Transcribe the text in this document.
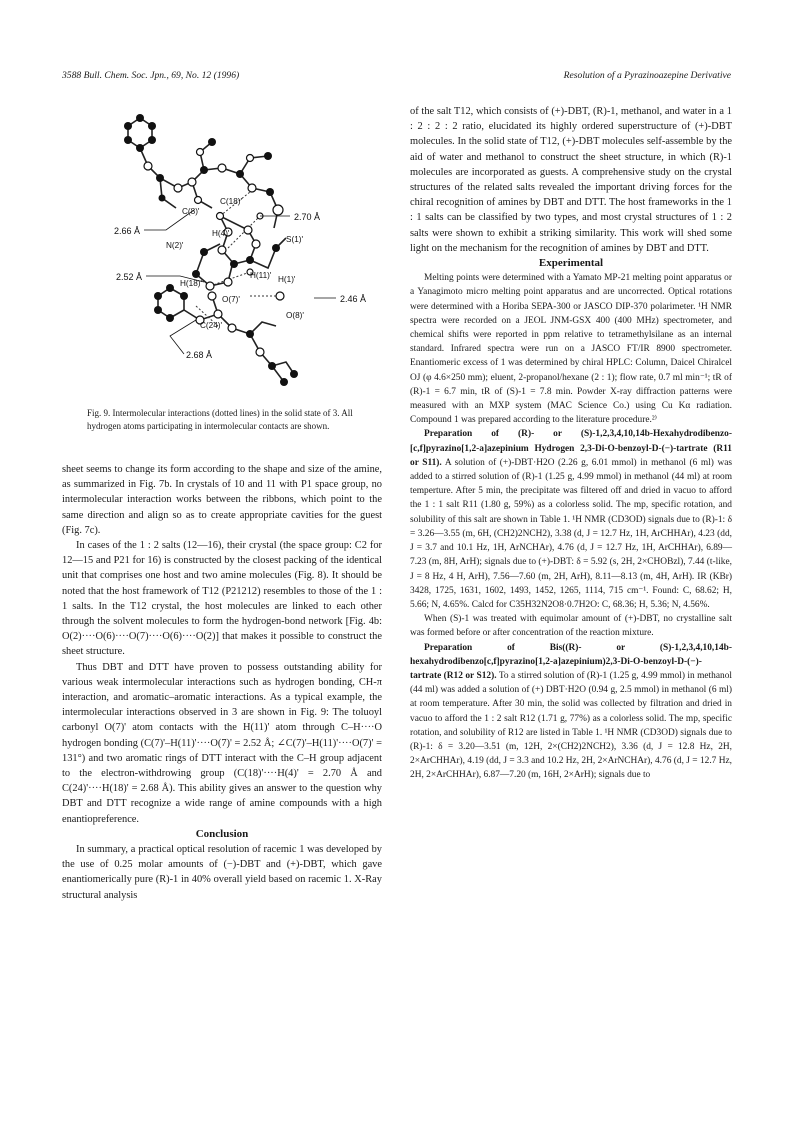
3588 Bull. Chem. Soc. Jpn., 69, No. 12 (1996)	Resolution of a Pyrazinoazepine Derivative
C(8)'
C(18)'
H(4)'
S(1)'
N(2)'
H(11)' H(1)'
H(18)'
O(7)'
O(8)'
C(24)'
2.66 Å
2.70 Å
2.52 Å
2.46 Å
2.68 Å
Fig. 9. Intermolecular interactions (dotted lines) in the solid state of 3. All hydrogen atoms participating in intermolecular contacts are shown.

sheet seems to change its form according to the shape and size of the amine, as summarized in Fig. 7b. In crystals of 10 and 11 with P1 space group, no intermolecular interaction works between the ribbons, which point to the same direction and align so as to create appropriate cavities for the guest (Fig. 7c).

In cases of the 1 : 2 salts (12—16), their crystal (the space group: C2 for 12—15 and P21 for 16) is constructed by the closest packing of the identical unit that comprises one host and two amine molecules (Fig. 8). It should be noted that the host framework of T12 (P21212) resembles to those of the 1 : 1 salts. In the T12 crystal, the host molecules are linked to each other through the solvent molecules to form the hydrogen-bond network [Fig. 4b: O(2)····O(6)····O(7)····O(6)····O(2)] that makes it possible to construct the sheet structure.

Thus DBT and DTT have proven to possess outstanding ability for various weak intermolecular interactions such as hydrogen bonding, CH-π interaction, and aromatic–aromatic interactions. As a typical example, the intermolecular interactions observed in 3 are shown in Fig. 9: The toluoyl carbonyl O(7)' atom contacts with the H(11)' atom through C–H····O hydrogen bonding (C(7)'–H(11)'····O(7)' = 2.52 Å; ∠C(7)'–H(11)'····O(7)' = 131°) and two aromatic rings of DTT interact with the C–H group adjacent to the electron-withdrowing group (C(18)'····H(4)' = 2.70 Å and C(24)'····H(18)' = 2.68 Å). This ability gives an answer to the question why DBT and DTT recognize a wide range of amine compounds with a high enantiopreference.

Conclusion

In summary, a practical optical resolution of racemic 1 was developed by the use of 0.25 molar amounts of (−)-DBT and (+)-DBT, which gave enantiomerically pure (R)-1 in 40% overall yield based on racemic 1. X-Ray structural analysis

of the salt T12, which consists of (+)-DBT, (R)-1, methanol, and water in a 1 : 2 : 2 : 2 ratio, elucidated its highly ordered superstructure of (+)-DBT molecules. In the solid state of T12, (+)-DBT molecules self-assemble by the aid of water and methanol to construct the sheet structure, in which (R)-1 molecules are incorporated as guests. A comprehensive study on the crystal structures of the related salts revealed the important driving forces for the chiral recognition of amines by DBT and DTT. The host frameworks in the 1 : 1 salts can be classified by two types, and most crystal structures of 1 : 2 salts were shown to exhibit a striking similarity. This work will shed some light on the mechanism for the recognition of amines by DBT and DTT.

Experimental

Melting points were determined with a Yamato MP-21 melting point apparatus or a Yanagimoto micro melting point apparatus and are uncorrected. Optical rotations were determined with a Horiba SEPA-300 or JASCO DIP-370 polarimeter. ¹H NMR spectra were recorded on a JEOL JNM-GSX 400 (400 MHz) spectrometer, and chemical shifts were reported in ppm relative to tetramethylsilane as an internal standard. Infrared spectra were run on a JASCO FT/IR 8900 spectrometer. Enantiomeric excess of 1 was determined by chiral HPLC: Column, Daicel Chiralcel OJ (φ 4.6×250 mm); eluent, 2-propanol/hexane (2 : 1); flow rate, 0.7 ml min⁻¹; tR of (R)-1 = 6.7 min, tR of (S)-1 = 7.8 min. Powder X-ray diffraction patterns were measured with an MXP system (MAC Science Co.) using Cu Kα radiation. Compound 1 was prepared according to the literature procedure.²⁾

Preparation of (R)- or (S)-1,2,3,4,10,14b-Hexahydrodibenzo-[c,f]pyrazino[1,2-a]azepinium Hydrogen 2,3-Di-O-benzoyl-D-(−)-tartrate (R11 or S11). A solution of (+)-DBT·H2O (2.26 g, 6.01 mmol) in methanol (6 ml) was added to a stirred solution of (R)-1 (1.25 g, 4.99 mmol) in methanol (44 ml) at room temperture. After 5 min, the precipitate was filtered off and dried in vacuo to afford the 1 : 1 salt R11 (1.80 g, 59%) as a colorless solid. The mp, specific rotation, and solubility of this salt are shown in Table 1. ¹H NMR (CD3OD) signals due to (R)-1: δ = 3.26—3.55 (m, 6H, (CH2)2NCH2), 3.38 (d, J = 12.7 Hz, 1H, ArCHHAr), 4.23 (dd, J = 3.7 and 10.1 Hz, 1H, ArNCHAr), 4.76 (d, J = 12.7 Hz, 1H, ArCHHAr), 6.89—7.23 (m, 8H, ArH); signals due to (+)-DBT: δ = 5.92 (s, 2H, 2×CHOBzl), 7.44 (t-like, J = 8 Hz, 4 H, ArH), 7.56—7.60 (m, 2H, ArH), 8.11—8.13 (m, 4H, ArH). IR (KBr) 3428, 1725, 1631, 1602, 1493, 1452, 1265, 1114, 715 cm⁻¹. Found: C, 68.62; H, 5.66; N, 4.65%. Calcd for C35H32N2O8·0.7H2O: C, 68.36; H, 5.36; N, 4.56%.

When (S)-1 was treated with equimolar amount of (+)-DBT, no crystalline salt was formed before or after concentration of the reaction mixture.

Preparation of Bis((R)- or (S)-1,2,3,4,10,14b-hexahydrodibenzo[c,f]pyrazino[1,2-a]azepinium)2,3-Di-O-benzoyl-D-(−)-tartrate (R12 or S12). To a stirred solution of (R)-1 (1.25 g, 4.99 mmol) in methanol (44 ml) was added a solution of (+) DBT·H2O (0.94 g, 2.5 mmol) in methanol (6 ml) at room temperature. After 30 min, the solid was collected by filtration and dried in vacuo to afford the 1 : 2 salt R12 (1.71 g, 77%) as a colorless solid. The mp, specific rotation, and solubility of R12 are listed in Table 1. ¹H NMR (CD3OD) signals due to (R)-1: δ = 3.20—3.51 (m, 12H, 2×(CH2)2NCH2), 3.36 (d, J = 12.8 Hz, 2H, 2×ArCHHAr), 4.19 (dd, J = 3.3 and 10.2 Hz, 2H, 2×ArNCHAr), 4.76 (d, J = 12.7 Hz, 2H, 2×ArCHHAr), 6.87—7.20 (m, 16H, 2×ArH); signals due to
